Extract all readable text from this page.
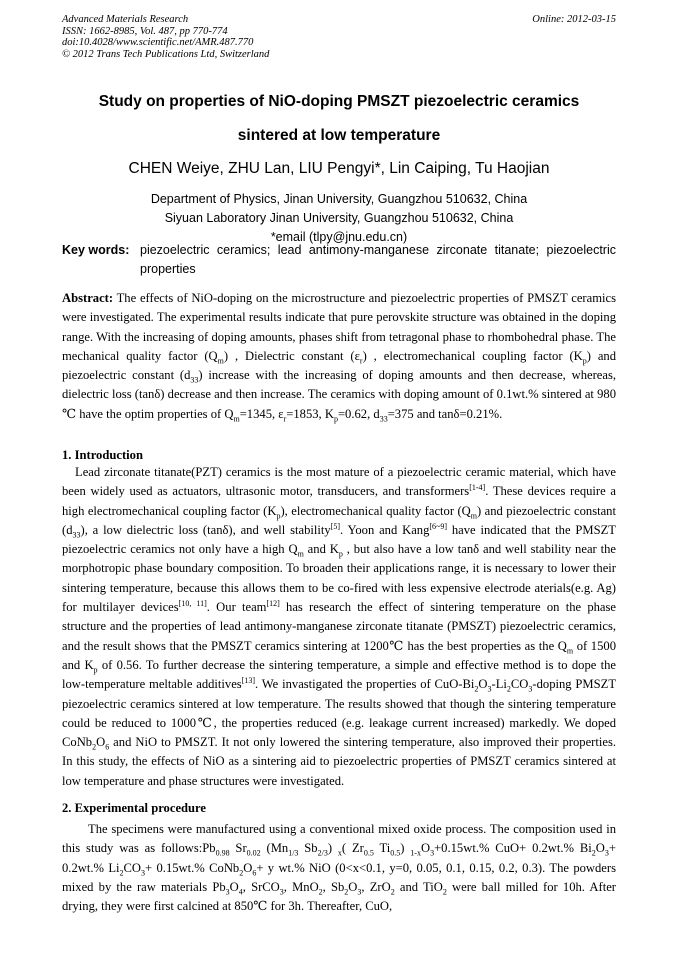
Advanced Materials Research
ISSN: 1662-8985, Vol. 487, pp 770-774
doi:10.4028/www.scientific.net/AMR.487.770
© 2012 Trans Tech Publications Ltd, Switzerland
Online: 2012-03-15
Study on properties of NiO-doping PMSZT piezoelectric ceramics
sintered at low temperature
CHEN Weiye, ZHU Lan, LIU Pengyi*, Lin Caiping, Tu Haojian
Department of Physics, Jinan University, Guangzhou 510632, China
Siyuan Laboratory Jinan University, Guangzhou 510632, China
*email (tlpy@jnu.edu.cn)
Key words: piezoelectric ceramics; lead antimony-manganese zirconate titanate; piezoelectric properties
Abstract: The effects of NiO-doping on the microstructure and piezoelectric properties of PMSZT ceramics were investigated. The experimental results indicate that pure perovskite structure was obtained in the doping range. With the increasing of doping amounts, phases shift from tetragonal phase to rhombohedral phase. The mechanical quality factor $(Q_m)$ , Dielectric constant $(\varepsilon_r)$ , electromechanical coupling factor $(K_p)$ and piezoelectric constant $(d_{33})$ increase with the increasing of doping amounts and then decrease, whereas, dielectric loss (tanδ) decrease and then increase. The ceramics with doping amount of 0.1wt.% sintered at 980 ℃ have the optim properties of $Q_m=1345$, $\varepsilon_r=1853$, $K_p=0.62$, $d_{33}=375$ and tanδ=0.21%.
1. Introduction
Lead zirconate titanate(PZT) ceramics is the most mature of a piezoelectric ceramic material, which have been widely used as actuators, ultrasonic motor, transducers, and transformers[1-4]. These devices require a high electromechanical coupling factor $(K_p)$, electromechanical quality factor $(Q_m)$ and piezoelectric constant $(d_{33})$, a low dielectric loss (tanδ), and well stability[5]. Yoon and Kang[6~9] have indicated that the PMSZT piezoelectric ceramics not only have a high $Q_m$ and $K_p$ , but also have a low tanδ and well stability near the morphotropic phase boundary composition. To broaden their applications range, it is necessary to lower their sintering temperature, because this allows them to be co-fired with less expensive electrode aterials(e.g. Ag) for multilayer devices[10, 11]. Our team[12] has research the effect of sintering temperature on the phase structure and the properties of lead antimony-manganese zirconate titanate (PMSZT) piezoelectric ceramics, and the result shows that the PMSZT ceramics sintering at 1200℃ has the best properties as the $Q_m$ of 1500 and $K_p$ of 0.56. To further decrease the sintering temperature, a simple and effective method is to dope the low-temperature meltable additives[13]. We invastigated the properties of CuO-$Bi_2O_3-Li_2CO_3$-doping PMSZT piezoelectric ceramics sintered at low temperature. The results showed that though the sintering temperature could be reduced to 1000℃, the properties reduced (e.g. leakage current increased) markedly. We doped $CoNb_2O_6$ and NiO to PMSZT. It not only lowered the sintering temperature, also improved their properties. In this study, the effects of NiO as a sintering aid to piezoelectric properties of PMSZT ceramics sintered at low temperature and phase structures were investigated.
2. Experimental procedure
The specimens were manufactured using a conventional mixed oxide process. The composition used in this study was as $follows:Pb_{0.98}$ $Sr_{0.02}$ ($Mn_{1/3}$ $Sb_{2/3}$) $_x$( $Zr_{0.5}$ $Ti_{0.5}$) $_{1-x}O_3+0.15wt.\%$ CuO+ 0.2wt.% $Bi_2O_3+ 0.2wt.\%$ $Li_2CO_3+ 0.15wt.\%$ $CoNb_2O_6+ y$ wt.% NiO (0<x<0.1, y=0, 0.05, 0.1, 0.15, 0.2, 0.3). The powders mixed by the raw materials $Pb_3O_4$, SrCO$_3$, MnO$_2$, $Sb_2O_3$, ZrO$_2$ and TiO$_2$ were ball milled for 10h. After drying, they were first calcined at 850℃ for 3h. Thereafter, CuO,
